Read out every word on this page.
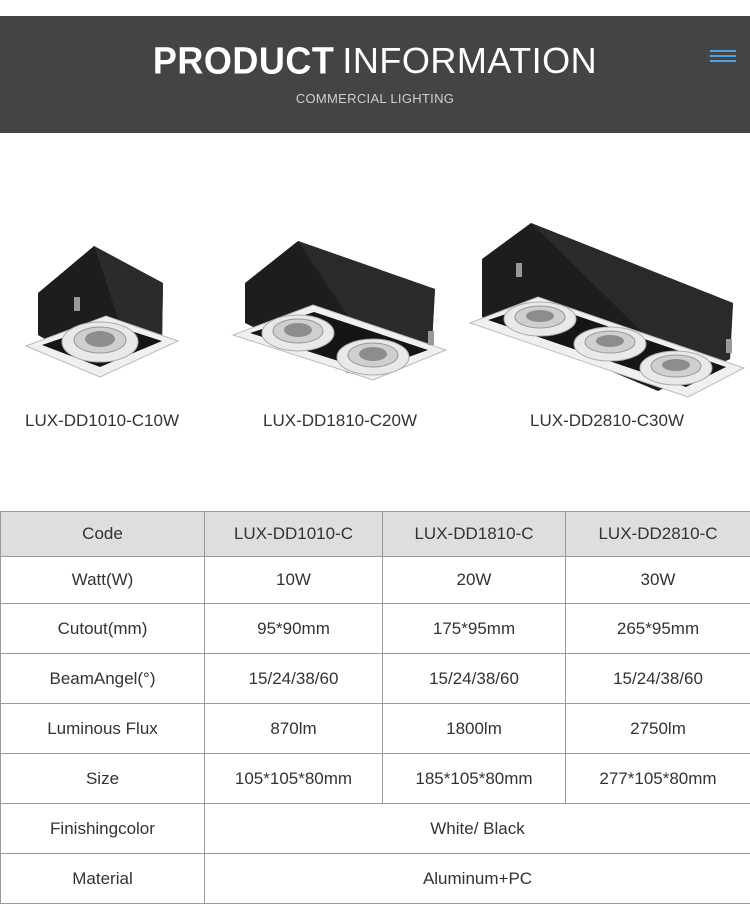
PRODUCT INFORMATION
COMMERCIAL LIGHTING
LUX-DD1010-C10W	LUX-DD1810-C20W	LUX-DD2810-C30W
Code	LUX-DD1010-C	LUX-DD1810-C	LUX-DD2810-C
Watt(W)	10W	20W	30W
Cutout(mm)	95*90mm	175*95mm	265*95mm
BeamAngel(°)	15/24/38/60	15/24/38/60	15/24/38/60
Luminous Flux	870lm	1800lm	2750lm
Size	105*105*80mm	185*105*80mm	277*105*80mm
Finishingcolor	White/ Black		
Material	Aluminum+PC		
